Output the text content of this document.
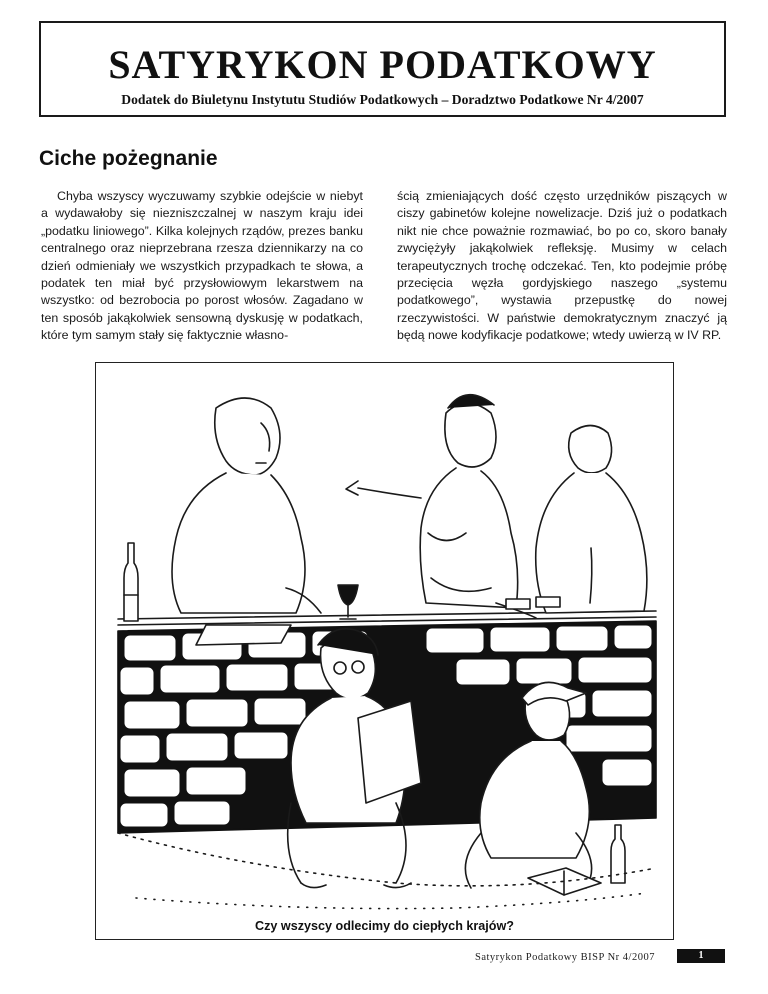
SATYRYKON PODATKOWY
Dodatek do Biuletynu Instytutu Studiów Podatkowych – Doradztwo Podatkowe Nr 4/2007
Ciche pożegnanie

Chyba wszyscy wyczuwamy szybkie odejście w niebyt a wydawałoby się niezniszczalnej w naszym kraju idei „podatku liniowego”. Kilka kolejnych rządów, prezes banku centralnego oraz nieprzebrana rzesza dziennikarzy na co dzień odmieniały we wszystkich przypadkach te słowa, a podatek ten miał być przysłowiowym lekarstwem na wszystko: od bezrobocia po porost włosów. Zagadano w ten sposób jakąkolwiek sensowną dyskusję w podatkach, które tym samym stały się faktycznie własno-

ścią zmieniających dość często urzędników piszących w ciszy gabinetów kolejne nowelizacje. Dziś już o podatkach nikt nie chce poważnie rozmawiać, bo po co, skoro banały zwyciężyły jakąkolwiek refleksję. Musimy w celach terapeutycznych trochę odczekać. Ten, kto podejmie próbę przecięcia węzła gordyjskiego naszego „systemu podatkowego”, wystawia przepustkę do nowej rzeczywistości. W państwie demokratycznym znaczyć ją będą nowe kodyfikacje podatkowe; wtedy uwierzą w IV RP.

Czy wszyscy odlecimy do ciepłych krajów?
Satyrykon Podatkowy BISP Nr 4/2007	1
